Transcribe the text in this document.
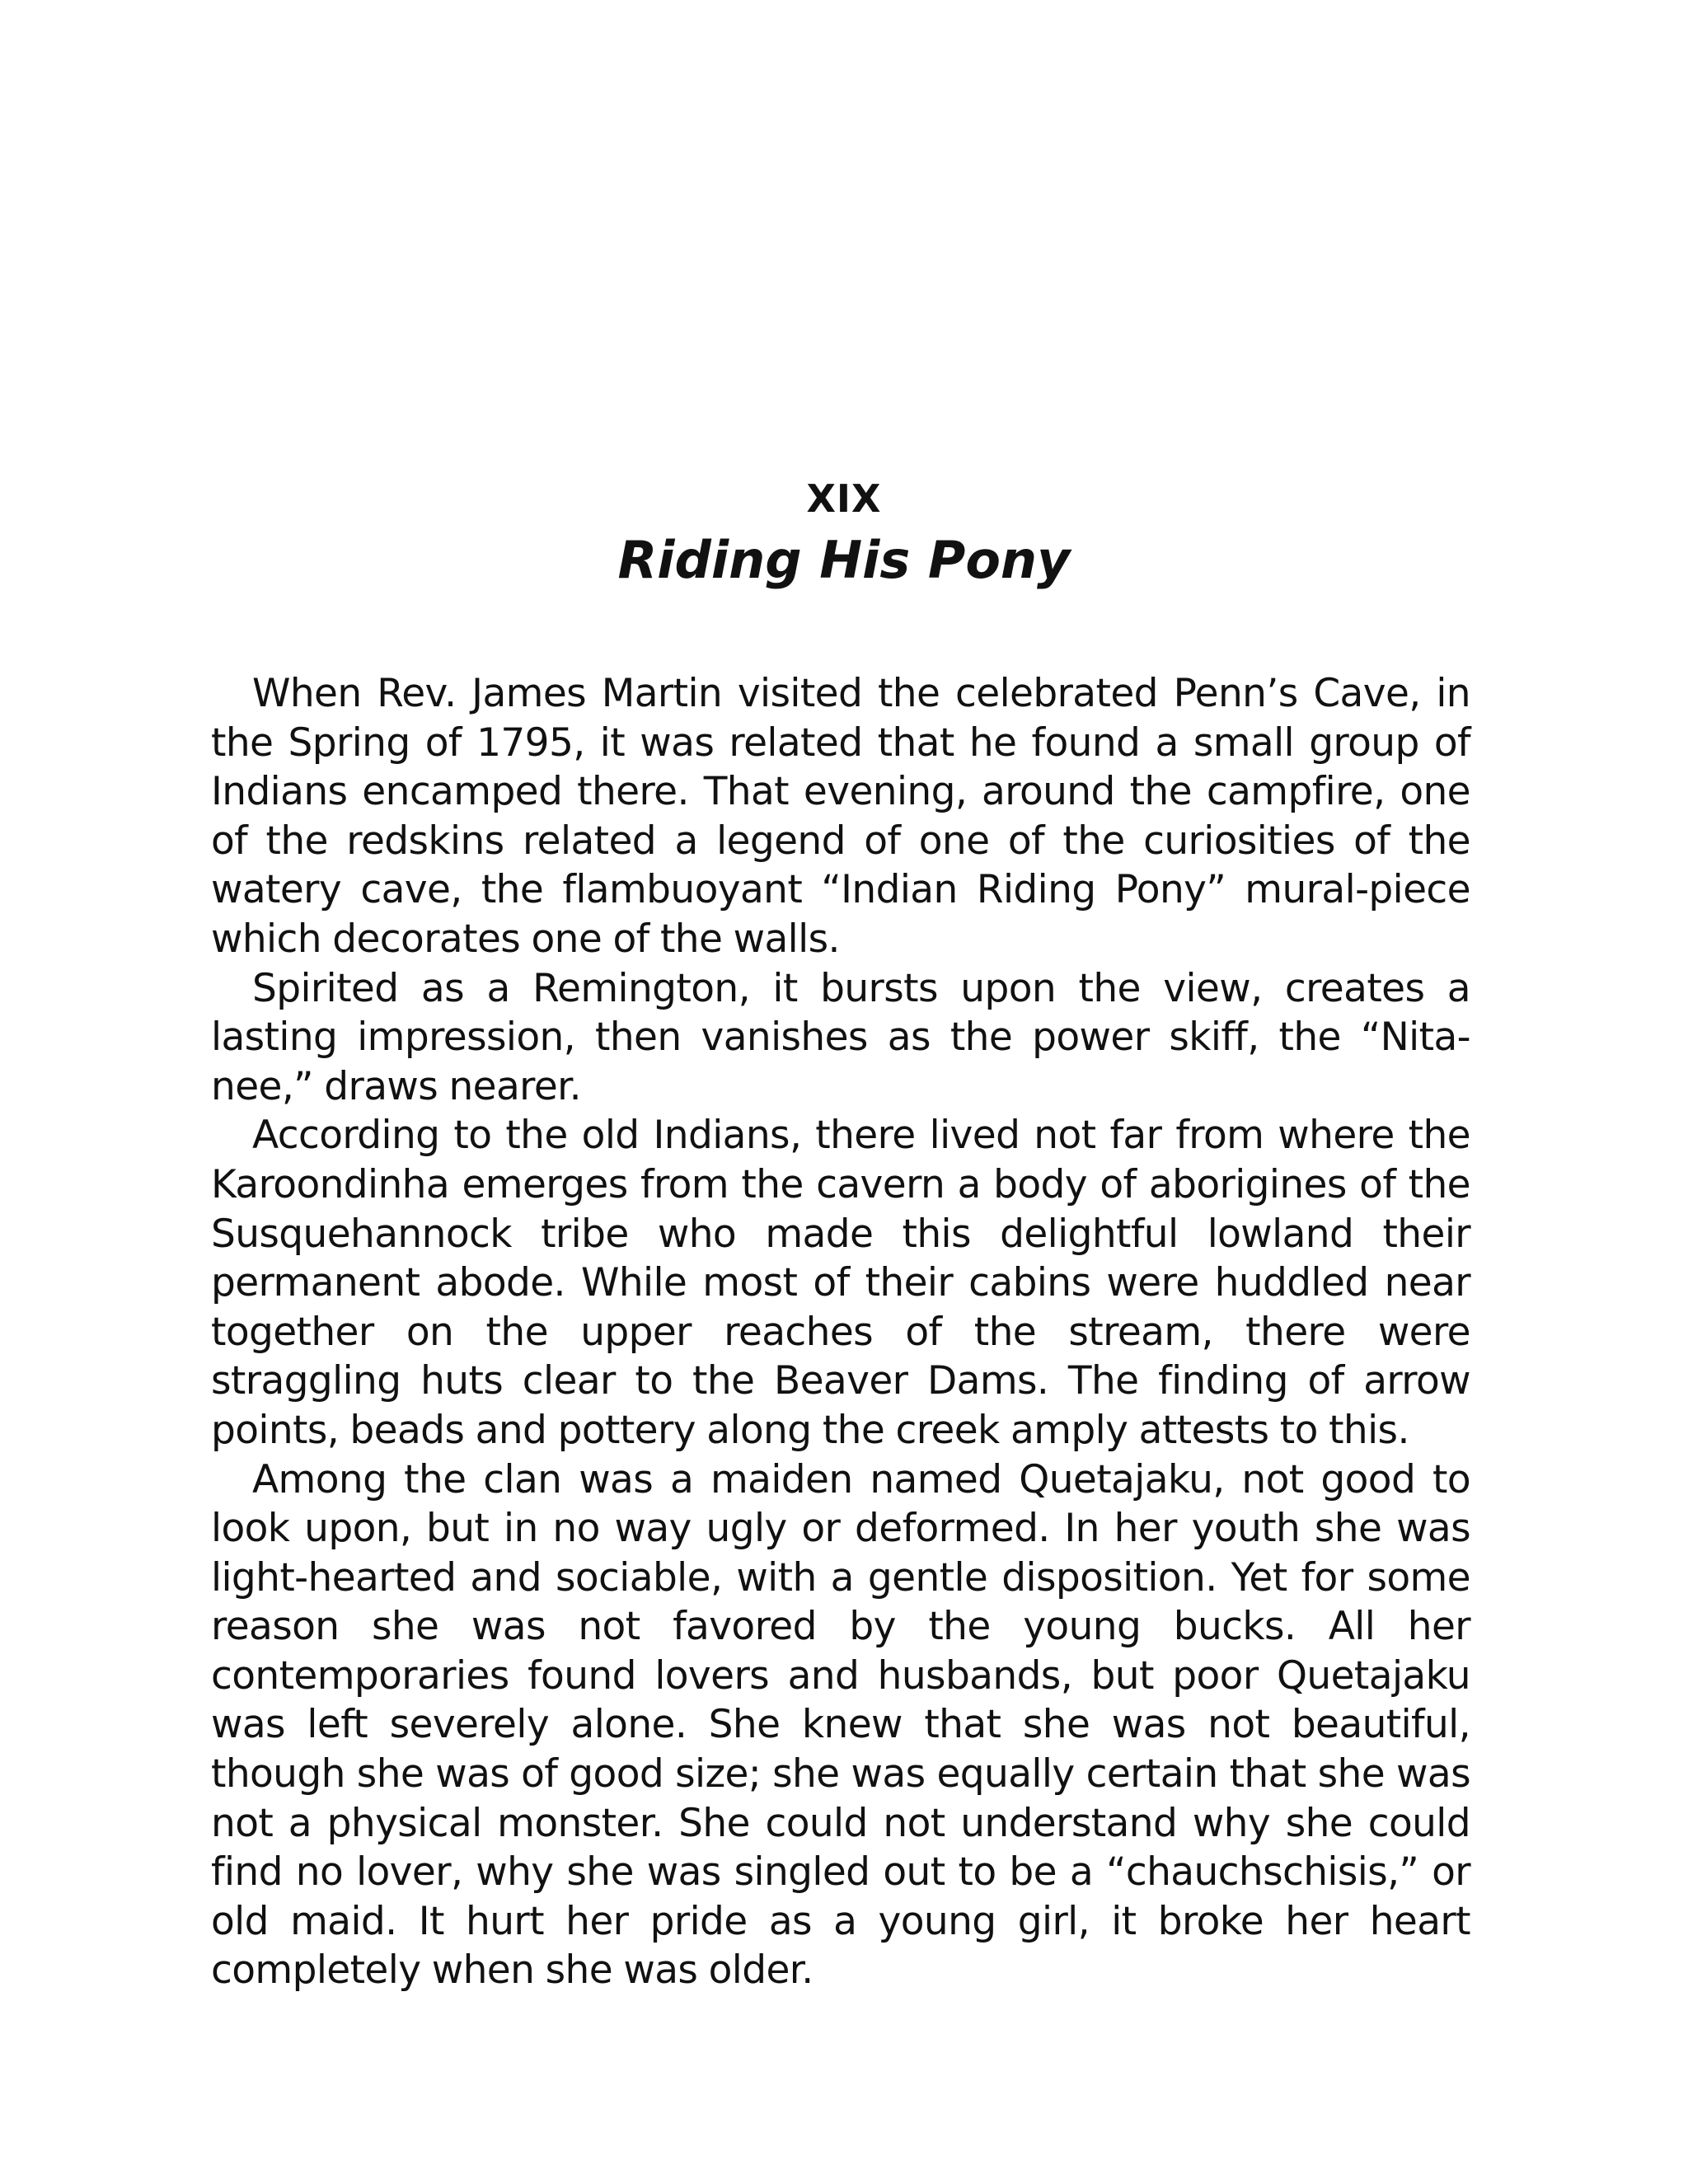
XIX
Riding His Pony

When Rev. James Martin visited the celebrated Penn’s Cave, in the Spring of 1795, it was related that he found a small group of Indians encamped there. That evening, around the campfire, one of the redskins related a legend of one of the curiosities of the watery cave, the flambuoyant “Indian Riding Pony” mural-piece which decorates one of the walls.

Spirited as a Remington, it bursts upon the view, creates a lasting impression, then vanishes as the power skiff, the “Nita-nee,” draws nearer.

According to the old Indians, there lived not far from where the Karoondinha emerges from the cavern a body of aborigines of the Susquehannock tribe who made this delightful lowland their permanent abode. While most of their cabins were huddled near together on the upper reaches of the stream, there were straggling huts clear to the Beaver Dams. The finding of arrow points, beads and pottery along the creek amply attests to this.

Among the clan was a maiden named Quetajaku, not good to look upon, but in no way ugly or deformed. In her youth she was light-hearted and sociable, with a gentle disposition. Yet for some reason she was not favored by the young bucks. All her contemporaries found lovers and husbands, but poor Quetajaku was left severely alone. She knew that she was not beautiful, though she was of good size; she was equally certain that she was not a physical monster. She could not understand why she could find no lover, why she was singled out to be a “chauchschisis,” or old maid. It hurt her pride as a young girl, it broke her heart completely when she was older.
